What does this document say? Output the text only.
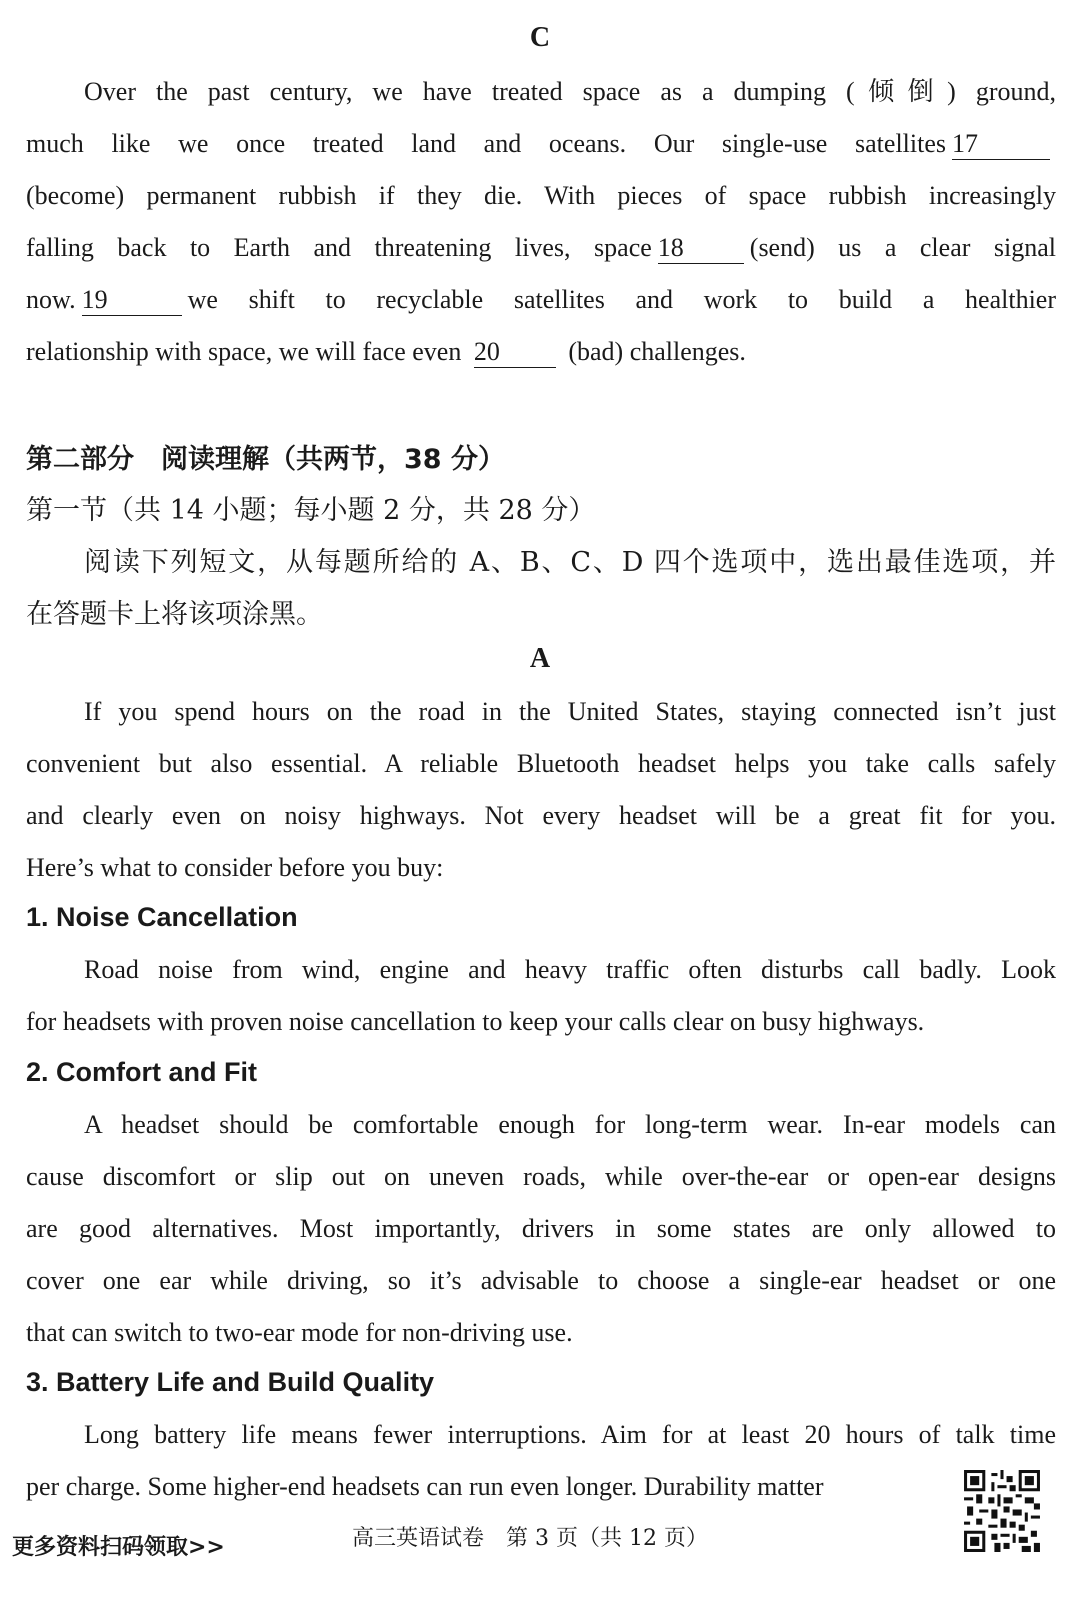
C
Over the past century, we have treated space as a dumping (倾倒) ground,
much like we once treated land and oceans. Our single-use satellites 17
(become) permanent rubbish if they die. With pieces of space rubbish increasingly
falling back to Earth and threatening lives, space 18	(send) us a clear signal
now. 19	we shift to recyclable satellites and work to build a healthier
relationship with space, we will face even 20	(bad) challenges.
第二部分　阅读理解（共两节，38 分）
第一节（共 14 小题；每小题 2 分，共 28 分）
阅读下列短文，从每题所给的 A、B、C、D 四个选项中，选出最佳选项，并
在答题卡上将该项涂黑。
A
If you spend hours on the road in the United States, staying connected isn’t just
convenient but also essential. A reliable Bluetooth headset helps you take calls safely
and clearly even on noisy highways. Not every headset will be a great fit for you.
Here’s what to consider before you buy:
1. Noise Cancellation
Road noise from wind, engine and heavy traffic often disturbs call badly. Look
for headsets with proven noise cancellation to keep your calls clear on busy highways.
2. Comfort and Fit
A headset should be comfortable enough for long-term wear. In-ear models can
cause discomfort or slip out on uneven roads, while over-the-ear or open-ear designs
are good alternatives. Most importantly, drivers in some states are only allowed to
cover one ear while driving, so it’s advisable to choose a single-ear headset or one
that can switch to two-ear mode for non-driving use.
3. Battery Life and Build Quality
Long battery life means fewer interruptions. Aim for at least 20 hours of talk time
per charge. Some higher-end headsets can run even longer. Durability matter
更多资料扫码领取>>	高三英语试卷　第 3 页（共 12 页）
